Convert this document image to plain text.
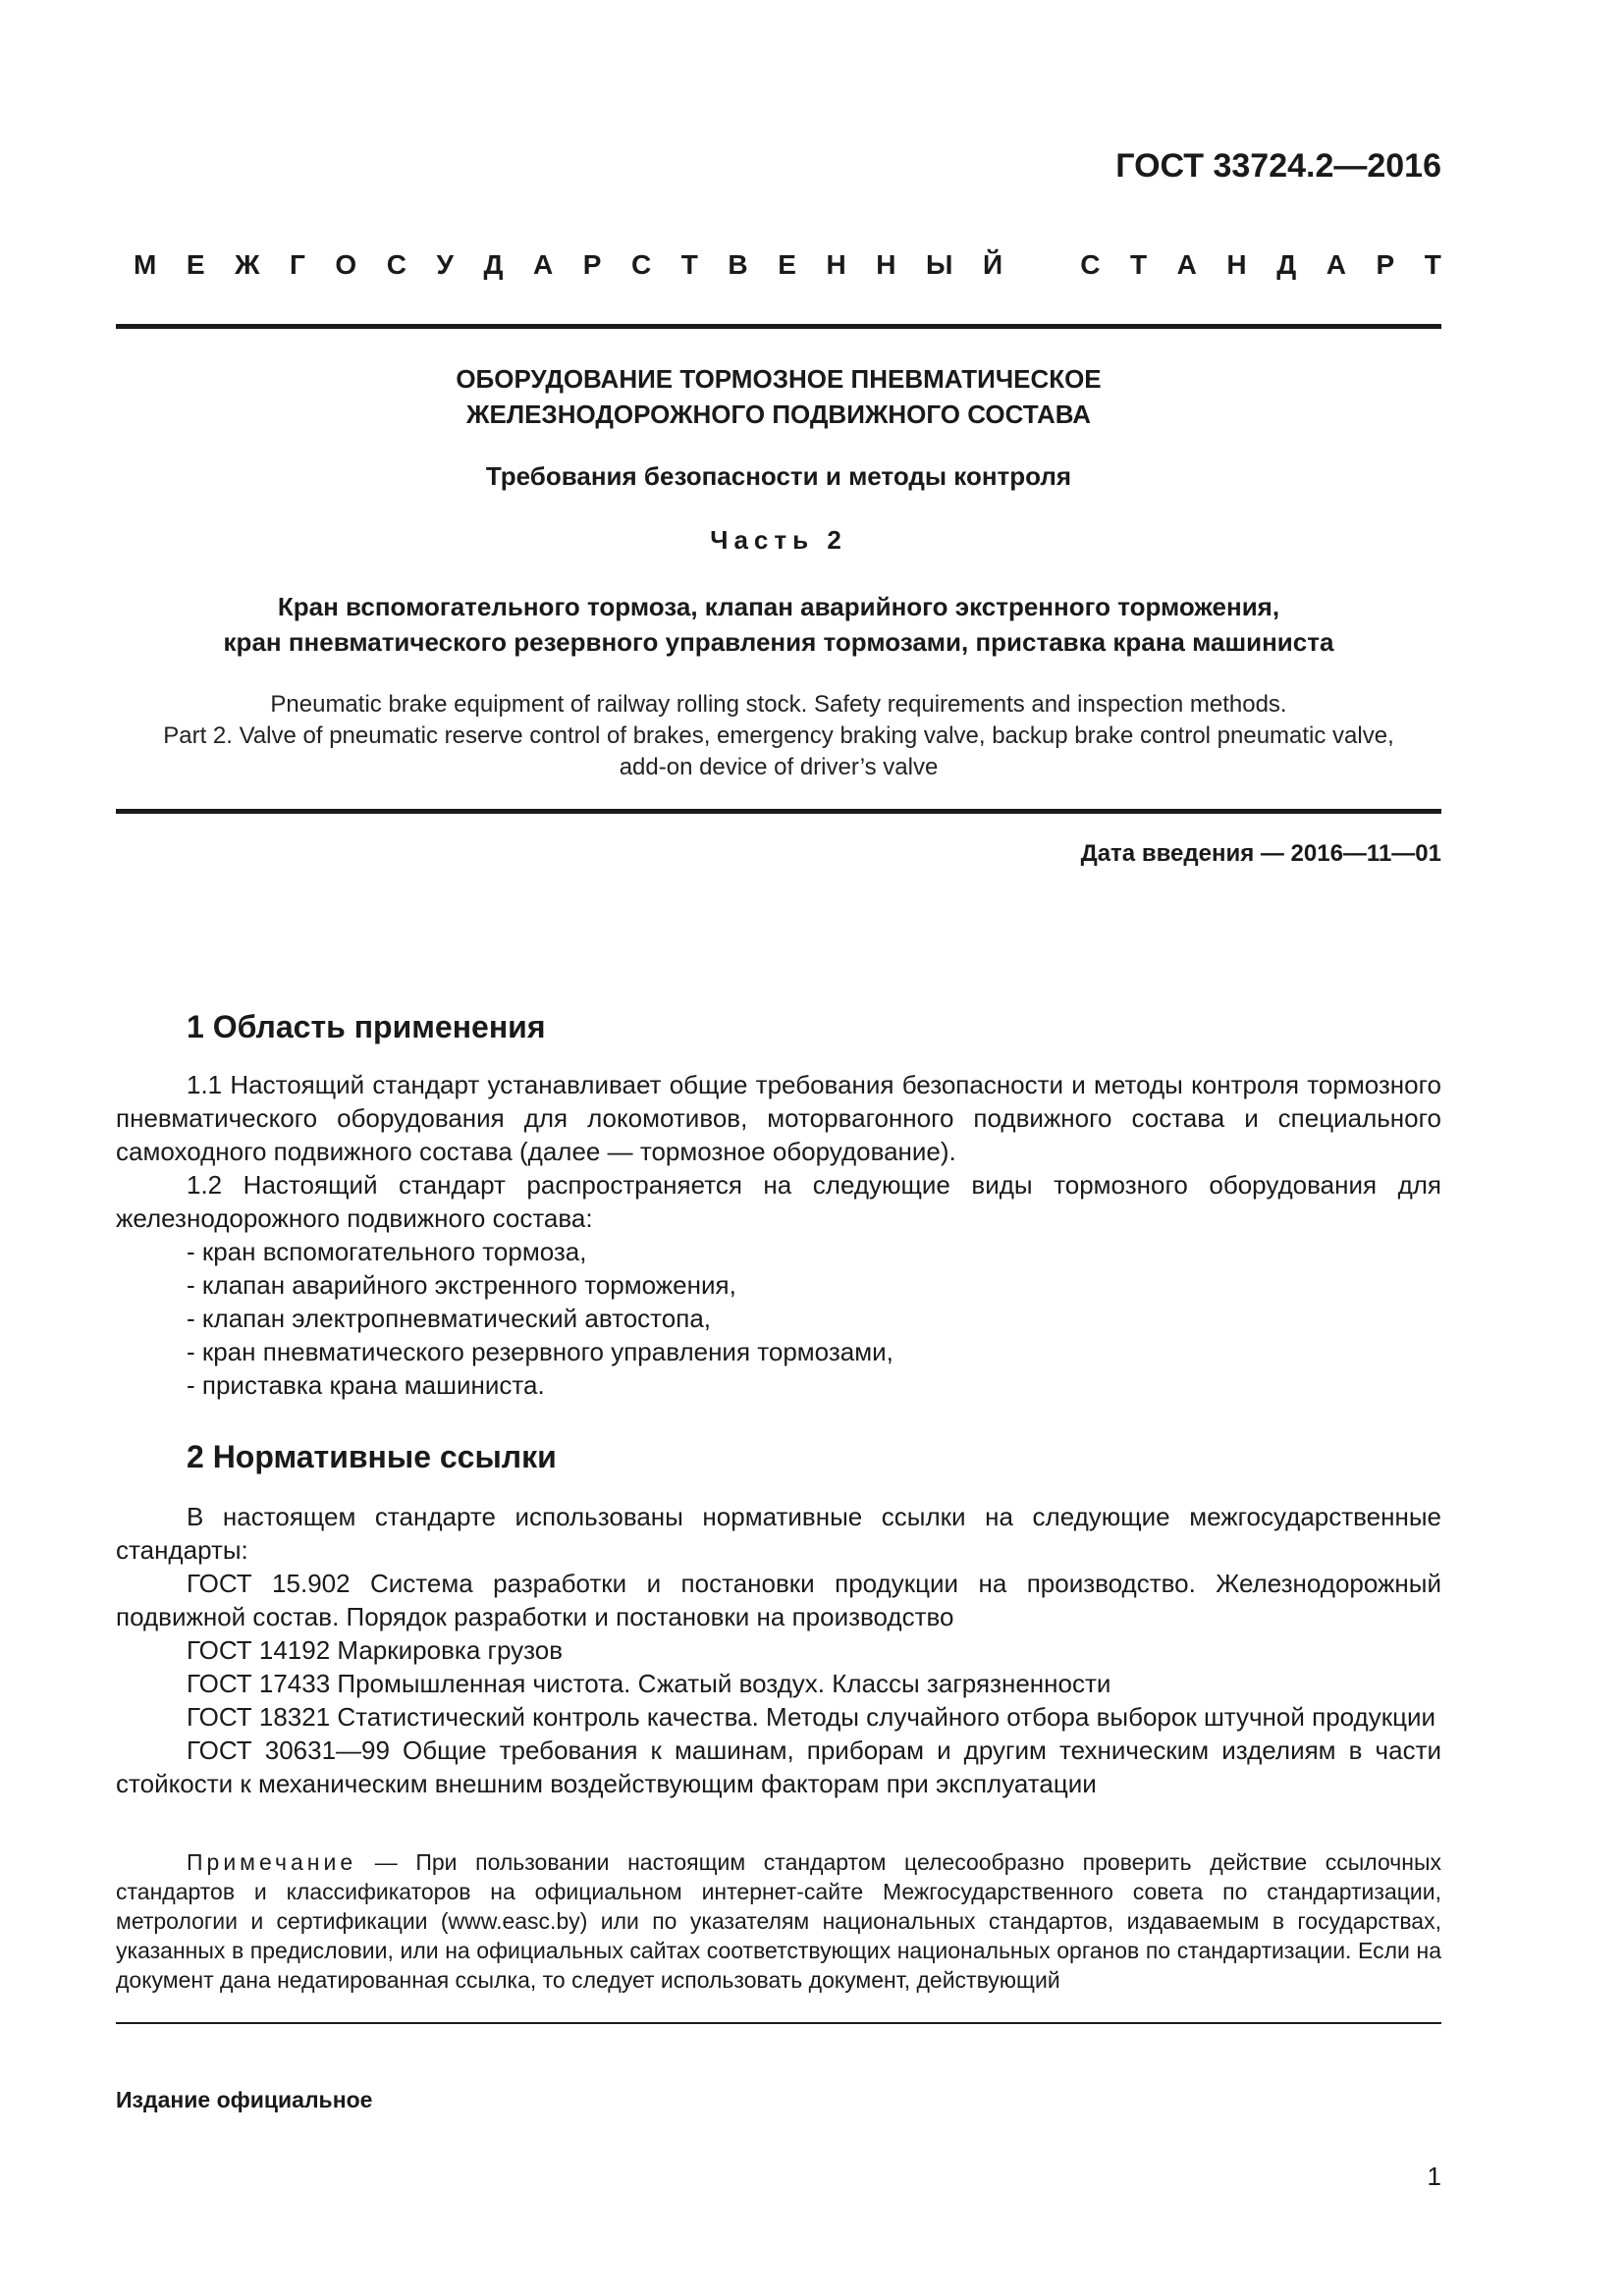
ГОСТ 33724.2—2016
М Е Ж Г О С У Д А Р С Т В Е Н Н Ы Й	С Т А Н Д А Р Т
ОБОРУДОВАНИЕ ТОРМОЗНОЕ ПНЕВМАТИЧЕСКОЕ
ЖЕЛЕЗНОДОРОЖНОГО ПОДВИЖНОГО СОСТАВА
Требования безопасности и методы контроля
Часть 2
Кран вспомогательного тормоза, клапан аварийного экстренного торможения,
кран пневматического резервного управления тормозами, приставка крана машиниста
Pneumatic brake equipment of railway rolling stock. Safety requirements and inspection methods.
Part 2. Valve of pneumatic reserve control of brakes, emergency braking valve, backup brake control pneumatic valve,
add-on device of driver’s valve
Дата введения — 2016—11—01
1 Область применения

1.1 Настоящий стандарт устанавливает общие требования безопасности и методы контроля тормозного пневматического оборудования для локомотивов, моторвагонного подвижного состава и специального самоходного подвижного состава (далее — тормозное оборудование).

1.2 Настоящий стандарт распространяется на следующие виды тормозного оборудования для железнодорожного подвижного состава:

- кран вспомогательного тормоза,

- клапан аварийного экстренного торможения,

- клапан электропневматический автостопа,

- кран пневматического резервного управления тормозами,

- приставка крана машиниста.

2 Нормативные ссылки

В настоящем стандарте использованы нормативные ссылки на следующие межгосударственные стандарты:

ГОСТ 15.902 Система разработки и постановки продукции на производство. Железнодорожный подвижной состав. Порядок разработки и постановки на производство

ГОСТ 14192 Маркировка грузов

ГОСТ 17433 Промышленная чистота. Сжатый воздух. Классы загрязненности

ГОСТ 18321 Статистический контроль качества. Методы случайного отбора выборок штучной продукции

ГОСТ 30631—99 Общие требования к машинам, приборам и другим техническим изделиям в части стойкости к механическим внешним воздействующим факторам при эксплуатации

Примечание — При пользовании настоящим стандартом целесообразно проверить действие ссылочных стандартов и классификаторов на официальном интернет-сайте Межгосударственного совета по стандартизации, метрологии и сертификации (www.easc.by) или по указателям национальных стандартов, издаваемым в государствах, указанных в предисловии, или на официальных сайтах соответствующих национальных органов по стандартизации. Если на документ дана недатированная ссылка, то следует использовать документ, действующий

Издание официальное
1
